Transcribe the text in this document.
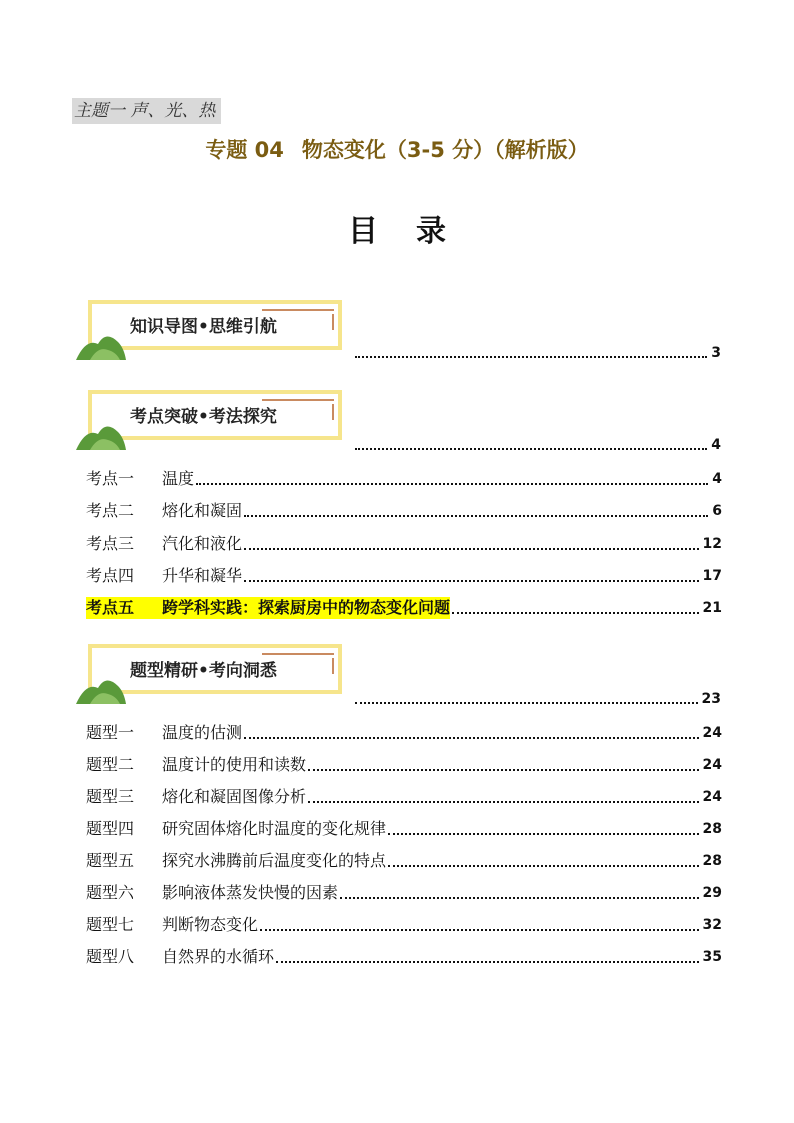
主题一 声、光、热
专题 04 物态变化（3-5 分）（解析版）
目录
知识导图•思维引航
3
考点突破•考法探究
4
考点一	温度	4
考点二	熔化和凝固	6
考点三	汽化和液化	12
考点四	升华和凝华	17
考点五	跨学科实践：探索厨房中的物态变化问题	21
题型精研•考向洞悉
23
题型一	温度的估测	24
题型二	温度计的使用和读数	24
题型三	熔化和凝固图像分析	24
题型四	研究固体熔化时温度的变化规律	28
题型五	探究水沸腾前后温度变化的特点	28
题型六	影响液体蒸发快慢的因素	29
题型七	判断物态变化	32
题型八	自然界的水循环	35
